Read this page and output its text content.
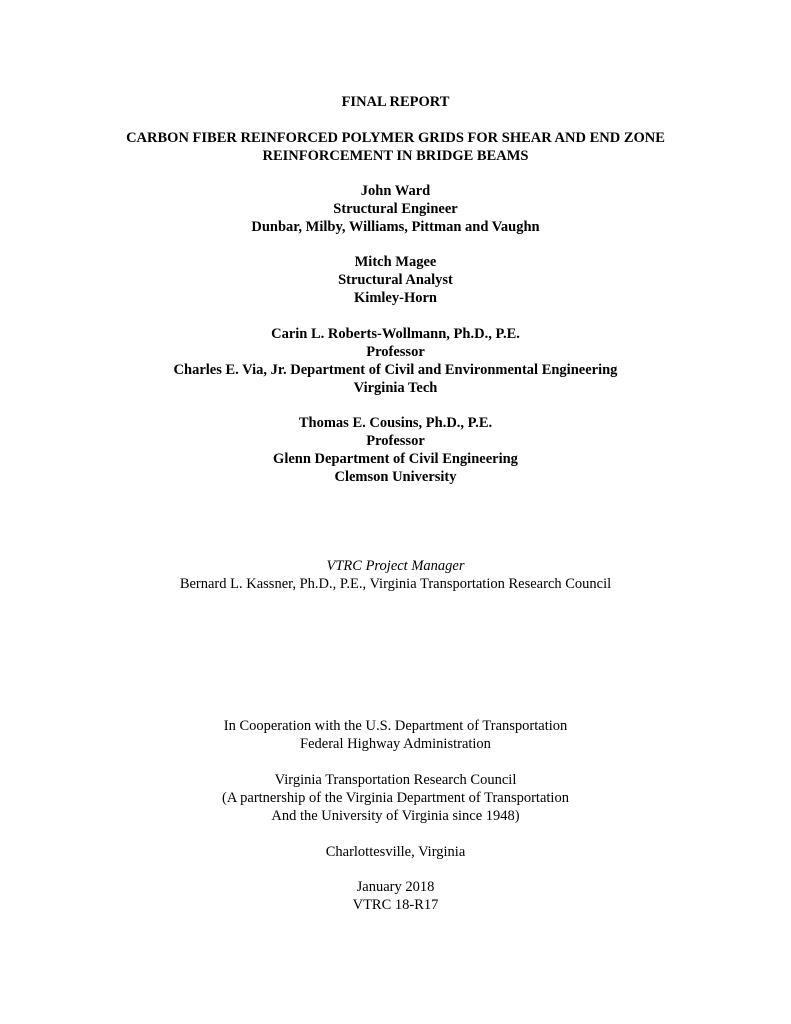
FINAL REPORT
CARBON FIBER REINFORCED POLYMER GRIDS FOR SHEAR AND END ZONE
REINFORCEMENT IN BRIDGE BEAMS
John Ward
Structural Engineer
Dunbar, Milby, Williams, Pittman and Vaughn
Mitch Magee
Structural Analyst
Kimley-Horn
Carin L. Roberts-Wollmann, Ph.D., P.E.
Professor
Charles E. Via, Jr. Department of Civil and Environmental Engineering
Virginia Tech
Thomas E. Cousins, Ph.D., P.E.
Professor
Glenn Department of Civil Engineering
Clemson University
VTRC Project Manager
Bernard L. Kassner, Ph.D., P.E., Virginia Transportation Research Council
In Cooperation with the U.S. Department of Transportation
Federal Highway Administration
Virginia Transportation Research Council
(A partnership of the Virginia Department of Transportation
And the University of Virginia since 1948)
Charlottesville, Virginia
January 2018
VTRC 18-R17
